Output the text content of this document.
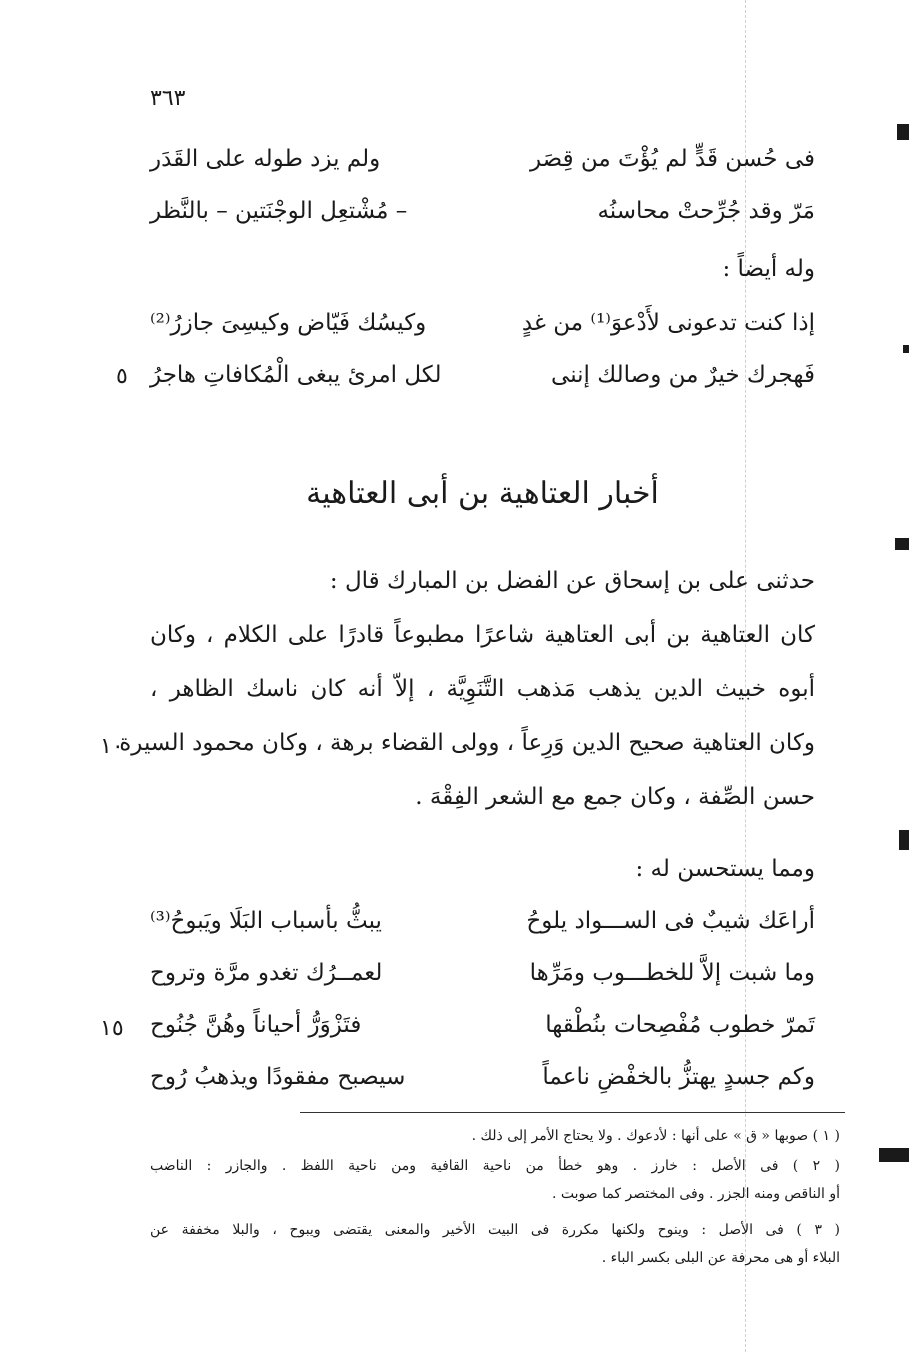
٣٦٣
فى حُسن قَدٍّ لم يُؤْتَ من قِصَر
ولم يزد طوله على القَدَر
مَرّ وقد جُرِّحتْ محاسنُه
– مُشْتعِل الوجْنَتين – بالنَّظر
وله أيضاً :
إذا كنت تدعونى لأَدْعوَ⁽¹⁾ من غدٍ
وكيسُك فَيّاض وكيسِىَ جازرُ⁽²⁾
فَهجرك خيرٌ من وصالك إننى
لكل امرئ يبغى الْمُكافاتِ هاجرُ
٥
أخبار العتاهية بن أبى العتاهية
حدثنى على بن إسحاق عن الفضل بن المبارك قال :
كان العتاهية بن أبى العتاهية شاعرًا مطبوعاً قادرًا على الكلام ، وكان
أبوه خبيث الدين يذهب مَذهب التَّنَوِيَّة ، إلاّ أنه كان ناسك الظاهر ،
وكان العتاهية صحيح الدين وَرِعاً ، وولى القضاء برهة ، وكان محمود السيرة
١٠
حسن الصِّفة ، وكان جمع مع الشعر الفِقْهَ .
ومما يستحسن له :
أراعَك شيبٌ فى الســـواد يلوحُ
يبثُّ بأسباب البَلَا ويَبوحُ⁽³⁾
وما شبت إلاَّ للخطـــوب ومَرِّها
لعمــرُك تغدو مرَّة وتروح
تَمرّ خطوب مُفْصِحات بنُطْقها
فتَزْوَرُّ أحياناً وهُنَّ جُنُوح
١٥
وكم جسدٍ يهتزُّ بالخفْضِ ناعماً
سيصبح مفقودًا ويذهبُ رُوح
( ١ ) صوبها « ق » على أنها : لأدعوك . ولا يحتاج الأمر إلى ذلك .
( ٢ ) فى الأصل : خارز . وهو خطأ من ناحية القافية ومن ناحية اللفظ . والجازر : الناضب
أو الناقص ومنه الجزر . وفى المختصر كما صوبت .
( ٣ ) فى الأصل : وينوح ولكنها مكررة فى البيت الأخير والمعنى يقتضى ويبوح ، والبلا مخففة عن
البلاء أو هى محرفة عن البلى بكسر الباء .
